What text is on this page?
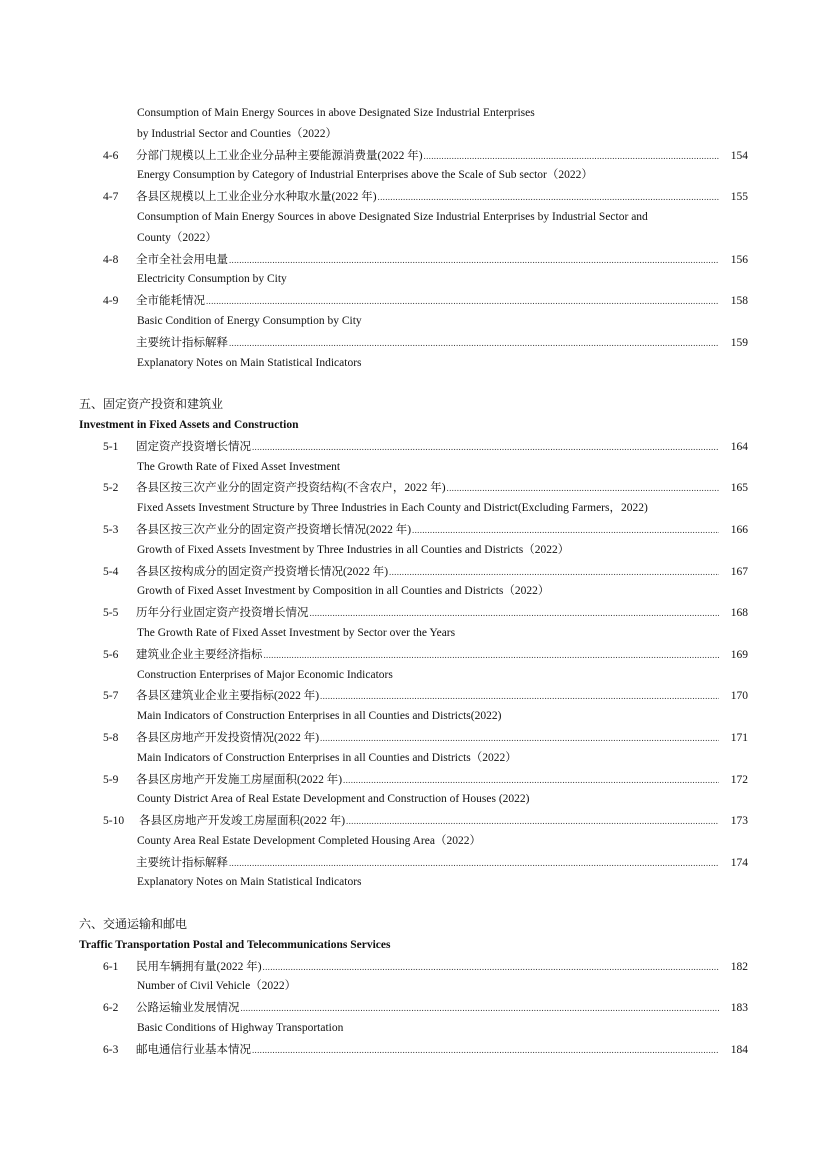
Consumption of Main Energy Sources in above Designated Size Industrial Enterprises
by Industrial Sector and Counties（2022）
4-6	分部门规模以上工业企业分品种主要能源消费量(2022 年) .....	154
Energy Consumption by Category of Industrial Enterprises above the Scale of Sub sector（2022）
4-7	各县区规模以上工业企业分水种取水量(2022 年) .....	155
Consumption of Main Energy Sources in above Designated Size Industrial Enterprises by Industrial Sector and
County（2022）
4-8	全市全社会用电量 .....	156
Electricity Consumption by City
4-9	全市能耗情况 .....	158
Basic Condition of Energy Consumption by City
主要统计指标解释 .....	159
Explanatory Notes on Main Statistical Indicators
五、固定资产投资和建筑业
Investment in Fixed Assets and Construction
5-1	固定资产投资增长情况 .....	164
The Growth Rate of Fixed Asset Investment
5-2	各县区按三次产业分的固定资产投资结构(不含农户，2022 年) .....	165
Fixed Assets Investment Structure by Three Industries in Each County and District(Excluding Farmers，2022)
5-3	各县区按三次产业分的固定资产投资增长情况(2022 年) .....	166
Growth of Fixed Assets Investment by Three Industries in all Counties and Districts（2022）
5-4	各县区按构成分的固定资产投资增长情况(2022 年) .....	167
Growth of Fixed Asset Investment by Composition in all Counties and Districts（2022）
5-5	历年分行业固定资产投资增长情况 .....	168
The Growth Rate of Fixed Asset Investment by Sector over the Years
5-6	建筑业企业主要经济指标 .....	169
Construction Enterprises of Major Economic Indicators
5-7	各县区建筑业企业主要指标(2022 年) .....	170
Main Indicators of Construction Enterprises in all Counties and Districts(2022)
5-8	各县区房地产开发投资情况(2022 年) .....	171
Main Indicators of Construction Enterprises in all Counties and Districts（2022）
5-9	各县区房地产开发施工房屋面积(2022 年) .....	172
County District Area of Real Estate Development and Construction of Houses (2022)
5-10	各县区房地产开发竣工房屋面积(2022 年) .....	173
County Area Real Estate Development Completed Housing Area（2022）
主要统计指标解释 .....	174
Explanatory Notes on Main Statistical Indicators
六、交通运输和邮电
Traffic Transportation Postal and Telecommunications Services
6-1	民用车辆拥有量(2022 年) .....	182
Number of Civil Vehicle（2022）
6-2	公路运输业发展情况 .....	183
Basic Conditions of Highway Transportation
6-3	邮电通信行业基本情况 .....	184
